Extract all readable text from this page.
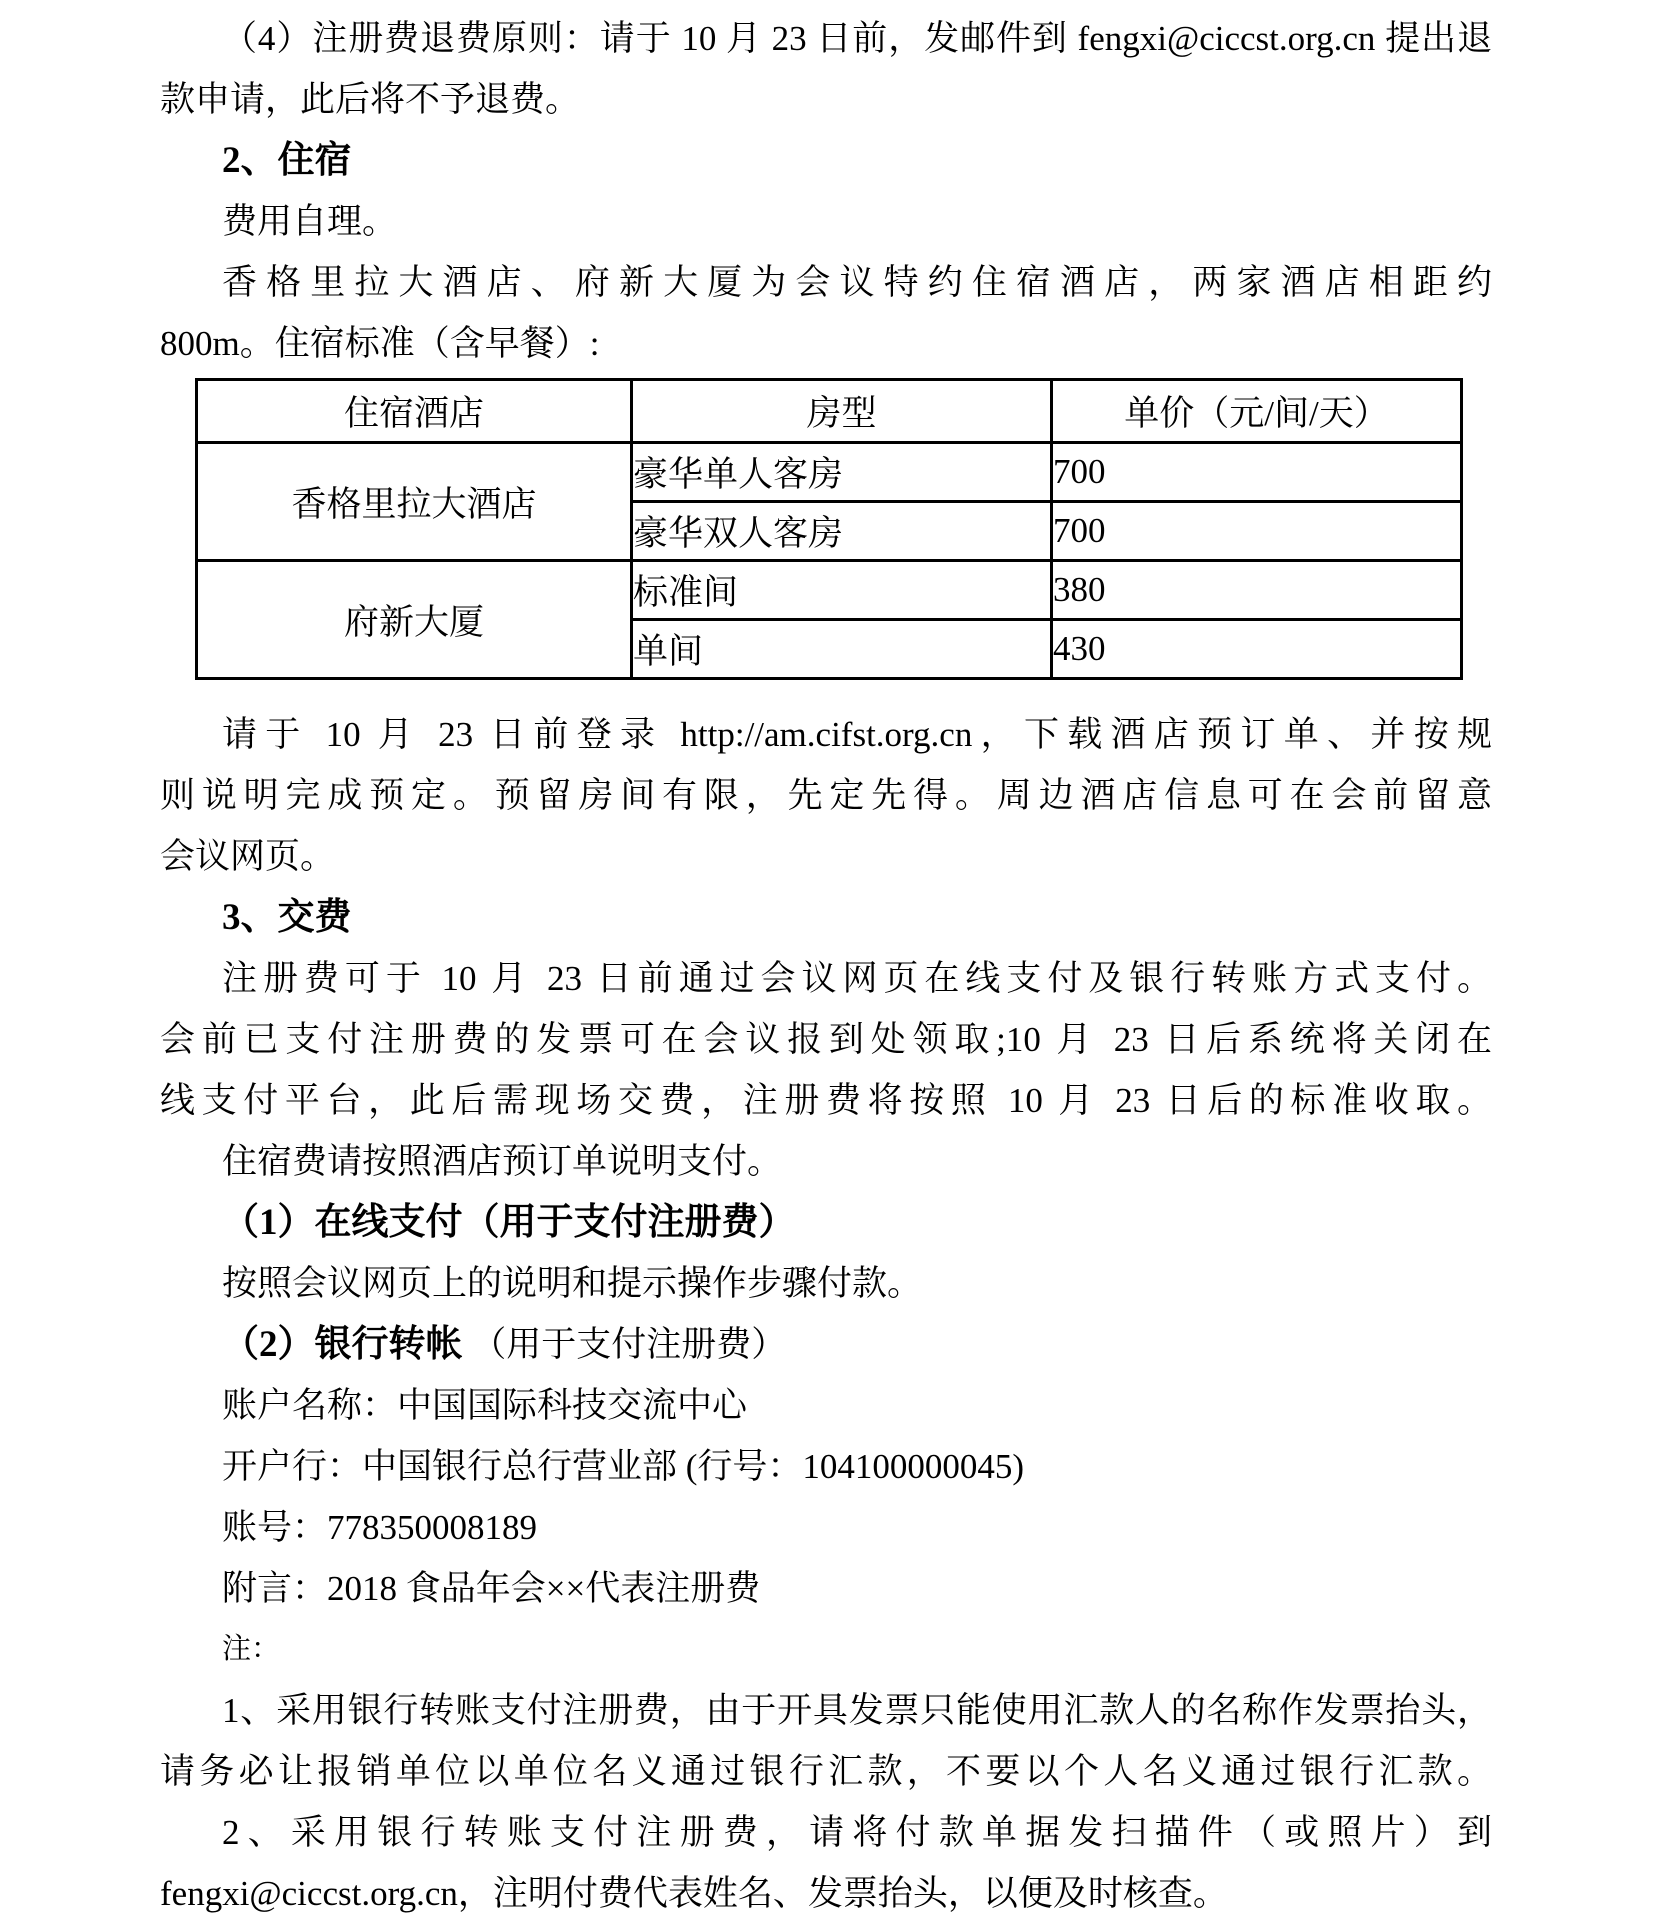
（4）注册费退费原则：请于 10 月 23 日前，发邮件到 fengxi@ciccst.org.cn 提出退
款申请，此后将不予退费。
2、住宿
费用自理。
香格里拉大酒店、府新大厦为会议特约住宿酒店，两家酒店相距约
800m。住宿标准（含早餐）:
住宿酒店	房型	单价（元/间/天）
香格里拉大酒店	豪华单人客房	700
	豪华双人客房	700
府新大厦	标准间	380
	单间	430
请于 10 月 23 日前登录 http://am.cifst.org.cn，下载酒店预订单、并按规
则说明完成预定。预留房间有限，先定先得。周边酒店信息可在会前留意
会议网页。
3、交费
注册费可于 10 月 23 日前通过会议网页在线支付及银行转账方式支付。
会前已支付注册费的发票可在会议报到处领取;10 月 23 日后系统将关闭在
线支付平台，此后需现场交费，注册费将按照 10 月 23 日后的标准收取。
住宿费请按照酒店预订单说明支付。
（1）在线支付（用于支付注册费）
按照会议网页上的说明和提示操作步骤付款。
（2）银行转帐 （用于支付注册费）
账户名称：中国国际科技交流中心
开户行：中国银行总行营业部 (行号：104100000045)
账号：778350008189
附言：2018 食品年会××代表注册费
注：
1、采用银行转账支付注册费，由于开具发票只能使用汇款人的名称作发票抬头，
请务必让报销单位以单位名义通过银行汇款，不要以个人名义通过银行汇款。
2、采用银行转账支付注册费，请将付款单据发扫描件（或照片）到
fengxi@ciccst.org.cn，注明付费代表姓名、发票抬头，以便及时核查。
